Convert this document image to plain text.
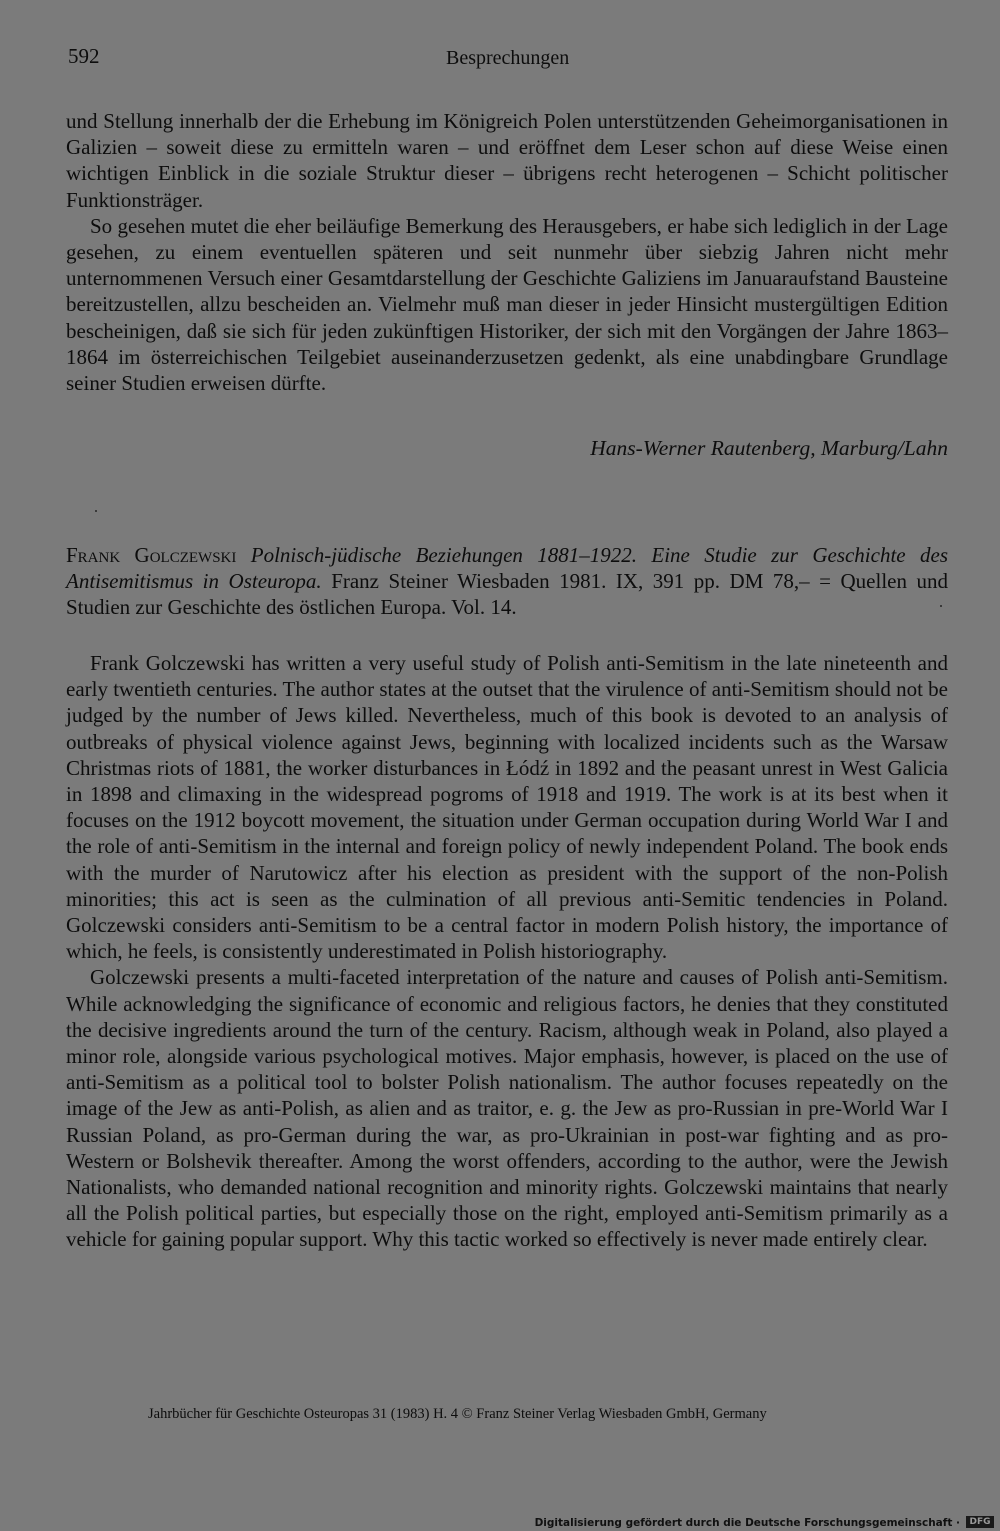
592	Besprechungen

und Stellung innerhalb der die Erhebung im Königreich Polen unterstützenden Geheimorganisationen in Galizien – soweit diese zu ermitteln waren – und eröffnet dem Leser schon auf diese Weise einen wichtigen Einblick in die soziale Struktur dieser – übrigens recht heterogenen – Schicht politischer Funktionsträger.

So gesehen mutet die eher beiläufige Bemerkung des Herausgebers, er habe sich lediglich in der Lage gesehen, zu einem eventuellen späteren und seit nunmehr über siebzig Jahren nicht mehr unternommenen Versuch einer Gesamtdarstellung der Geschichte Galiziens im Januaraufstand Bausteine bereitzustellen, allzu bescheiden an. Vielmehr muß man dieser in jeder Hinsicht mustergültigen Edition bescheinigen, daß sie sich für jeden zukünftigen Historiker, der sich mit den Vorgängen der Jahre 1863–1864 im österreichischen Teilgebiet auseinanderzusetzen gedenkt, als eine unabdingbare Grundlage seiner Studien erweisen dürfte.

Hans-Werner Rautenberg, Marburg/Lahn
Frank Golczewski Polnisch-jüdische Beziehungen 1881–1922. Eine Studie zur Geschichte des Antisemitismus in Osteuropa. Franz Steiner Wiesbaden 1981. IX, 391 pp. DM 78,– = Quellen und Studien zur Geschichte des östlichen Europa. Vol. 14.

Frank Golczewski has written a very useful study of Polish anti-Semitism in the late nineteenth and early twentieth centuries. The author states at the outset that the virulence of anti-Semitism should not be judged by the number of Jews killed. Nevertheless, much of this book is devoted to an analysis of outbreaks of physical violence against Jews, beginning with localized incidents such as the Warsaw Christmas riots of 1881, the worker disturbances in Łódź in 1892 and the peasant unrest in West Galicia in 1898 and climaxing in the widespread pogroms of 1918 and 1919. The work is at its best when it focuses on the 1912 boycott movement, the situation under German occupation during World War I and the role of anti-Semitism in the internal and foreign policy of newly independent Poland. The book ends with the murder of Narutowicz after his election as president with the support of the non-Polish minorities; this act is seen as the culmination of all previous anti-Semitic tendencies in Poland. Golczewski considers anti-Semitism to be a central factor in modern Polish history, the importance of which, he feels, is consistently underestimated in Polish historiography.

Golczewski presents a multi-faceted interpretation of the nature and causes of Polish anti-Semitism. While acknowledging the significance of economic and religious factors, he denies that they constituted the decisive ingredients around the turn of the century. Racism, although weak in Poland, also played a minor role, alongside various psychological motives. Major emphasis, however, is placed on the use of anti-Semitism as a political tool to bolster Polish nationalism. The author focuses repeatedly on the image of the Jew as anti-Polish, as alien and as traitor, e. g. the Jew as pro-Russian in pre-World War I Russian Poland, as pro-German during the war, as pro-Ukrainian in post-war fighting and as pro-Western or Bolshevik thereafter. Among the worst offenders, according to the author, were the Jewish Nationalists, who demanded national recognition and minority rights. Golczewski maintains that nearly all the Polish political parties, but especially those on the right, employed anti-Semitism primarily as a vehicle for gaining popular support. Why this tactic worked so effectively is never made entirely clear.

Jahrbücher für Geschichte Osteuropas 31 (1983) H. 4 © Franz Steiner Verlag Wiesbaden GmbH, Germany
Digitalisierung gefördert durch die Deutsche Forschungsgemeinschaft ·	DFG
